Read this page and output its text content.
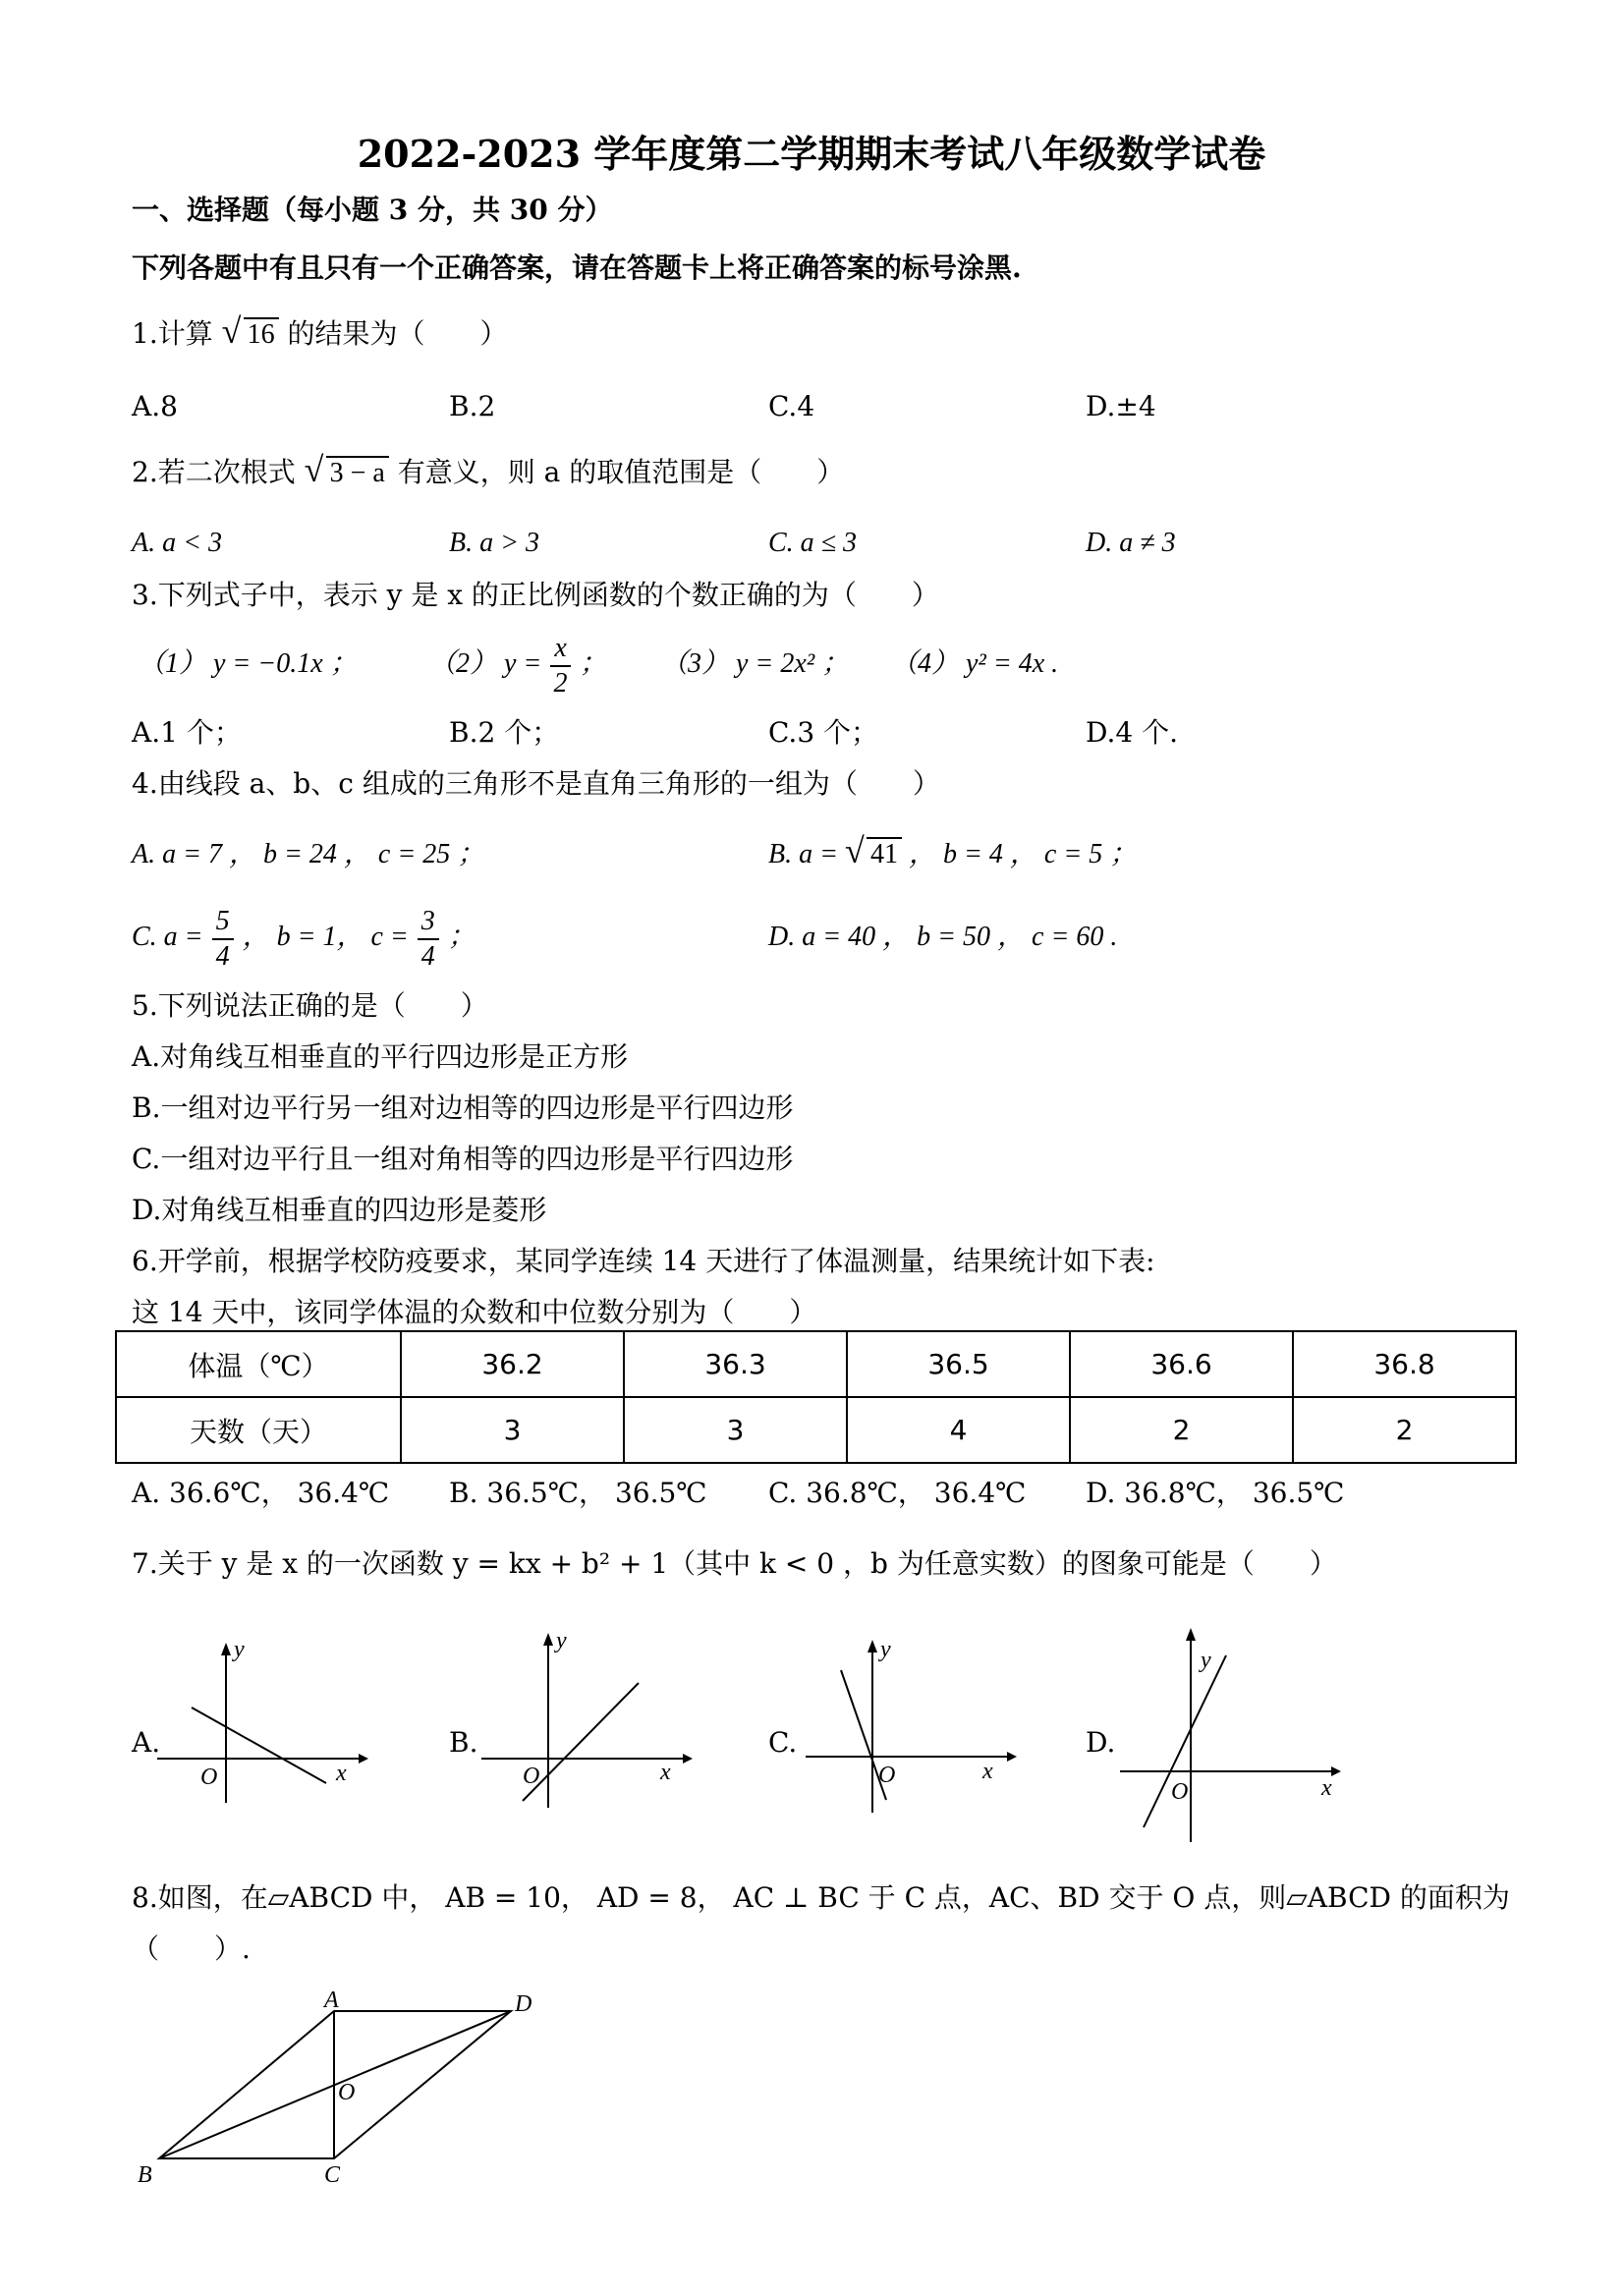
2022-2023 学年度第二学期期末考试八年级数学试卷
一、选择题（每小题 3 分，共 30 分）
下列各题中有且只有一个正确答案，请在答题卡上将正确答案的标号涂黑.
1.计算 √ 16 的结果为（　　）
A.8	B.2	C.4	D.±4
2.若二次根式 √ 3 − a 有意义，则 a 的取值范围是（　　）
A. a < 3	B. a > 3	C. a ≤ 3	D. a ≠ 3
3.下列式子中，表示 y 是 x 的正比例函数的个数正确的为（　　）
（1） y = −0.1x ；	（2） $y = \frac{x}{2}$ ； （3） y = 2x² ； （4） y² = 4x .
A.1 个；	B.2 个；	C.3 个；	D.4 个.
4.由线段 a、b、c 组成的三角形不是直角三角形的一组为（　　）
A. a = 7 ， b = 24 ， c = 25 ；	B. a = √ 41 ， b = 4 ， c = 5 ；
C. $a = \frac{5}{4}$ ， b = 1， $c = \frac{3}{4}$ ；	D. a = 40 ， b = 50 ， c = 60 .
5.下列说法正确的是（　　）
A.对角线互相垂直的平行四边形是正方形
B.一组对边平行另一组对边相等的四边形是平行四边形
C.一组对边平行且一组对角相等的四边形是平行四边形
D.对角线互相垂直的四边形是菱形
6.开学前，根据学校防疫要求，某同学连续 14 天进行了体温测量，结果统计如下表:
这 14 天中，该同学体温的众数和中位数分别为（　　）
体温（℃）	36.2	36.3	36.5	36.6	36.8
天数（天）	3	3	4	2	2
A. 36.6℃， 36.4℃ B. 36.5℃， 36.5℃ C. 36.8℃， 36.4℃ D. 36.8℃， 36.5℃
7.关于 y 是 x 的一次函数 y = kx + b² + 1（其中 k < 0 ，b 为任意实数）的图象可能是（　　）
A.	B.	C.	D.
y
x
O
y
x
O
y
x
O
y
x
O
8.如图，在▱ABCD 中， AB = 10， AD = 8， AC ⊥ BC 于 C 点，AC、BD 交于 O 点，则▱ABCD 的面积为
（　　）.
A
B	C
D
O
